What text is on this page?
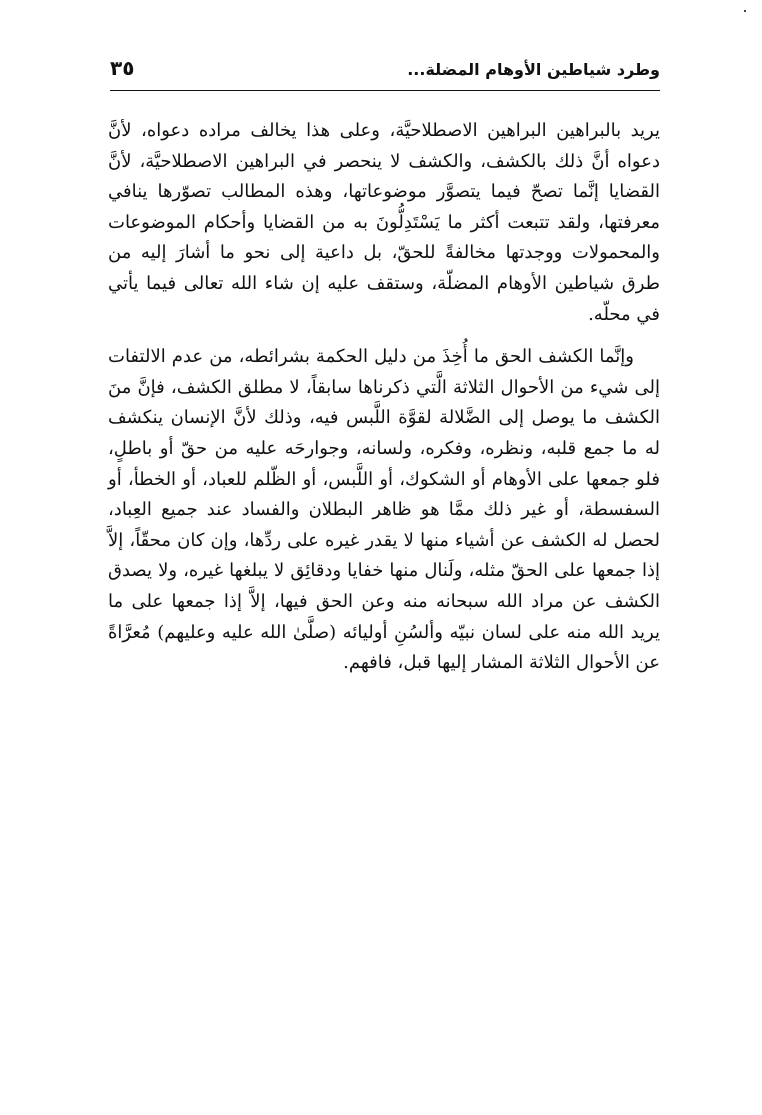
وطرد شياطين الأوهام المضلة...
٣٥

يريد بالبراهين البراهين الاصطلاحيَّة، وعلى هذا يخالف مراده دعواه، لأنَّ دعواه أنَّ ذلك بالكشف، والكشف لا ينحصر في البراهين الاصطلاحيَّة، لأنَّ القضايا إنَّما تصحّ فيما يتصوَّر موضوعاتها، وهذه المطالب تصوّرها ينافي معرفتها، ولقد تتبعت أكثر ما يَسْتَدِلُّونَ به من القضايا وأحكام الموضوعات والمحمولات ووجدتها مخالفةً للحقّ، بل داعية إلى نحو ما أشارَ إليه من طرق شياطين الأوهام المضلّة، وستقف عليه إن شاء الله تعالى فيما يأتي في محلّه.

وإنَّما الكشف الحق ما أُخِذَ من دليل الحكمة بشرائطه، من عدم الالتفات إلى شيء من الأحوال الثلاثة الَّتي ذكرناها سابقاً، لا مطلق الكشف، فإنَّ منَ الكشف ما يوصل إلى الضَّلالة لقوَّة اللَّبس فيه، وذلك لأنَّ الإنسان ينكشف له ما جمع قلبه، ونظره، وفكره، ولسانه، وجوارحَه عليه من حقّ أو باطلٍ، فلو جمعها على الأوهام أو الشكوك، أو اللَّبس، أو الظّلم للعباد، أو الخطأ، أو السفسطة، أو غير ذلك ممَّا هو ظاهر البطلان والفساد عند جميع العِباد، لحصل له الكشف عن أشياء منها لا يقدر غيره على ردِّها، وإن كان محقّاً، إلاَّ إذا جمعها على الحقّ مثله، ولَنال منها خفايا ودقائِق لا يبلغها غيره، ولا يصدق الكشف عن مراد الله سبحانه منه وعن الحق فيها، إلاَّ إذا جمعها على ما يريد الله منه على لسان نبيّه وألسُنِ أوليائه (صلَّىٰ الله عليه وعليهم) مُعرَّاةً عن الأحوال الثلاثة المشار إليها قبل، فافهم.
